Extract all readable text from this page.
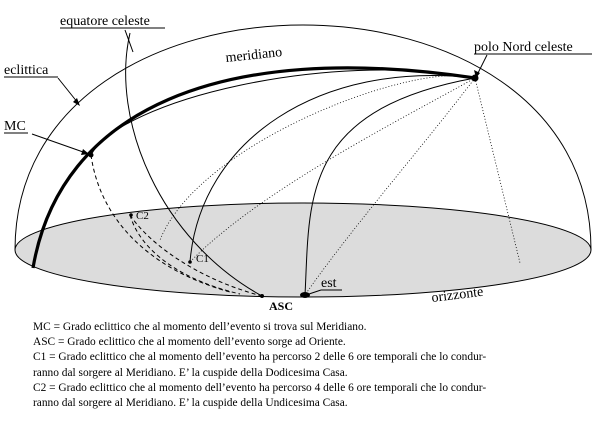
equatore celeste
eclittica
MC
meridiano	polo Nord celeste
C2
C1
est
ASC
orizzonte
MC = Grado eclittico che al momento dell’evento si trova sul Meridiano.
ASC = Grado eclittico che al momento dell’evento sorge ad Oriente.
C1 = Grado eclittico che al momento dell’evento ha percorso 2 delle 6 ore temporali che lo condur-
ranno dal sorgere al Meridiano. E’ la cuspide della Dodicesima Casa.
C2 = Grado eclittico che al momento dell’evento ha percorso 4 delle 6 ore temporali che lo condur-
ranno dal sorgere al Meridiano. E’ la cuspide della Undicesima Casa.
